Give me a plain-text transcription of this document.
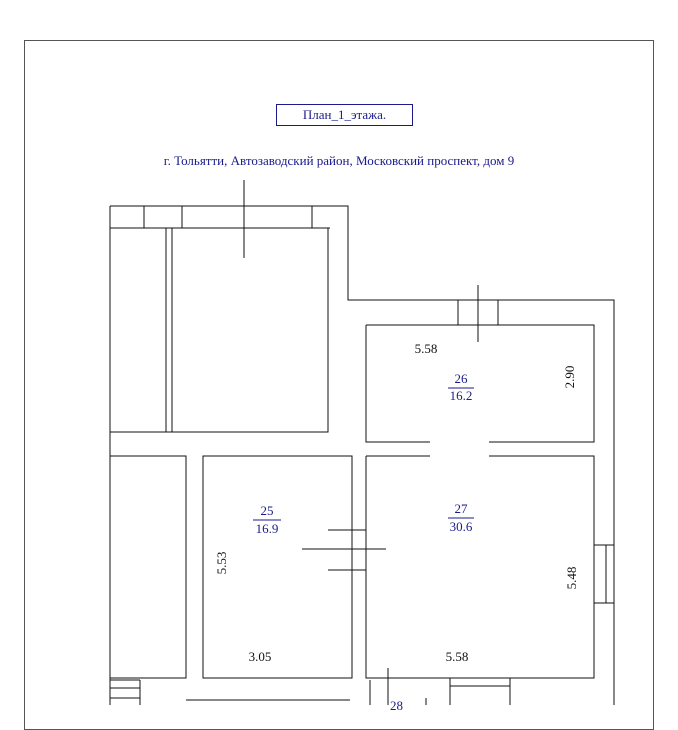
План_1_этажа.
г. Тольятти, Автозаводский район, Московский проспект, дом 9
26
16.2
5.58
2.90
25
16.9
5.53
3.05
27
30.6
5.48
5.58
28
